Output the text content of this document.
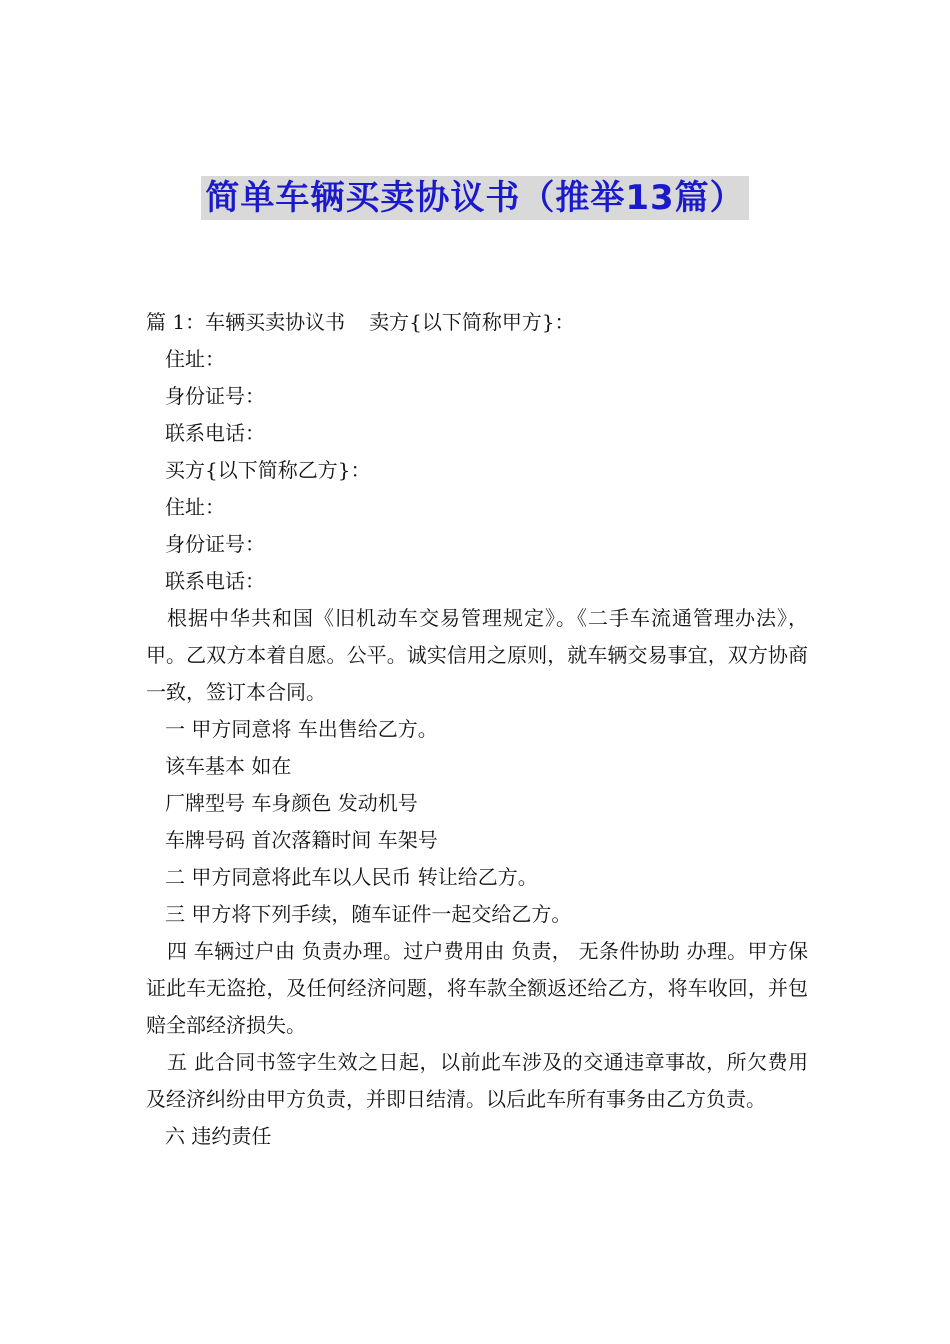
简单车辆买卖协议书（推举13篇）

篇 1：车辆买卖协议书 卖方{以下简称甲方}：

住址：

身份证号：

联系电话：

买方{以下简称乙方}：

住址：

身份证号：

联系电话：

根据中华共和国《旧机动车交易管理规定》。《二手车流通管理办法》，甲。乙双方本着自愿。公平。诚实信用之原则，就车辆交易事宜，双方协商一致，签订本合同。

一 甲方同意将 车出售给乙方。

该车基本 如在

厂牌型号 车身颜色 发动机号

车牌号码 首次落籍时间 车架号

二 甲方同意将此车以人民币 转让给乙方。

三 甲方将下列手续，随车证件一起交给乙方。

四 车辆过户由 负责办理。过户费用由 负责， 无条件协助 办理。甲方保证此车无盗抢，及任何经济问题，将车款全额返还给乙方，将车收回，并包赔全部经济损失。

五 此合同书签字生效之日起，以前此车涉及的交通违章事故，所欠费用及经济纠纷由甲方负责，并即日结清。以后此车所有事务由乙方负责。

六 违约责任
